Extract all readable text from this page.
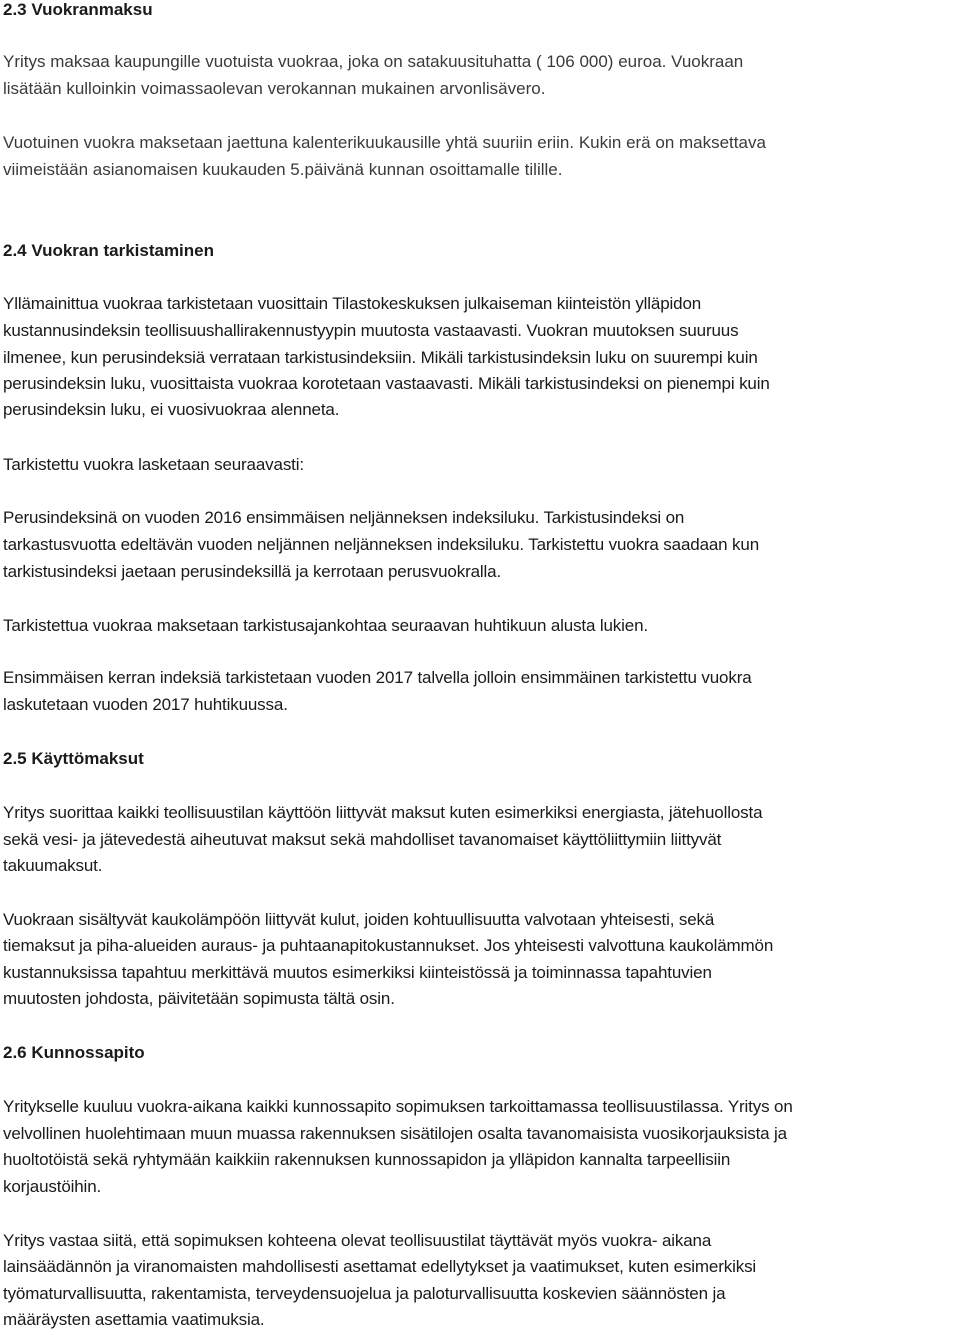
2.3 Vuokranmaksu
Yritys maksaa kaupungille vuotuista vuokraa, joka on satakuusituhatta ( 106 000) euroa. Vuokraan
lisätään kulloinkin voimassaolevan verokannan mukainen arvonlisävero.
Vuotuinen vuokra maksetaan jaettuna kalenterikuukausille yhtä suuriin eriin. Kukin erä on maksettava
viimeistään asianomaisen kuukauden 5.päivänä kunnan osoittamalle tilille.
2.4 Vuokran tarkistaminen
Yllämainittua vuokraa tarkistetaan vuosittain Tilastokeskuksen julkaiseman kiinteistön ylläpidon
kustannusindeksin teollisuushallirakennustyypin muutosta vastaavasti. Vuokran muutoksen suuruus
ilmenee, kun perusindeksiä verrataan tarkistusindeksiin. Mikäli tarkistusindeksin luku on suurempi kuin
perusindeksin luku, vuosittaista vuokraa korotetaan vastaavasti. Mikäli tarkistusindeksi on pienempi kuin
perusindeksin luku, ei vuosivuokraa alenneta.
Tarkistettu vuokra lasketaan seuraavasti:
Perusindeksinä on vuoden 2016 ensimmäisen neljänneksen indeksiluku. Tarkistusindeksi on
tarkastusvuotta edeltävän vuoden neljännen neljänneksen indeksiluku. Tarkistettu vuokra saadaan kun
tarkistusindeksi jaetaan perusindeksillä ja kerrotaan perusvuokralla.
Tarkistettua vuokraa maksetaan tarkistusajankohtaa seuraavan huhtikuun alusta lukien.
Ensimmäisen kerran indeksiä tarkistetaan vuoden 2017 talvella jolloin ensimmäinen tarkistettu vuokra
laskutetaan vuoden 2017 huhtikuussa.
2.5 Käyttömaksut
Yritys suorittaa kaikki teollisuustilan käyttöön liittyvät maksut kuten esimerkiksi energiasta, jätehuollosta
sekä vesi- ja jätevedestä aiheutuvat maksut sekä mahdolliset tavanomaiset käyttöliittymiin liittyvät
takuumaksut.
Vuokraan sisältyvät kaukolämpöön liittyvät kulut, joiden kohtuullisuutta valvotaan yhteisesti, sekä
tiemaksut ja piha-alueiden auraus- ja puhtaanapitokustannukset. Jos yhteisesti valvottuna kaukolämmön
kustannuksissa tapahtuu merkittävä muutos esimerkiksi kiinteistössä ja toiminnassa tapahtuvien
muutosten johdosta, päivitetään sopimusta tältä osin.
2.6 Kunnossapito
Yritykselle kuuluu vuokra-aikana kaikki kunnossapito sopimuksen tarkoittamassa teollisuustilassa. Yritys on
velvollinen huolehtimaan muun muassa rakennuksen sisätilojen osalta tavanomaisista vuosikorjauksista ja
huoltotöistä sekä ryhtymään kaikkiin rakennuksen kunnossapidon ja ylläpidon kannalta tarpeellisiin
korjaustöihin.
Yritys vastaa siitä, että sopimuksen kohteena olevat teollisuustilat täyttävät myös vuokra- aikana
lainsäädännön ja viranomaisten mahdollisesti asettamat edellytykset ja vaatimukset, kuten esimerkiksi
työmaturvallisuutta, rakentamista, terveydensuojelua ja paloturvallisuutta koskevien säännösten ja
määräysten asettamia vaatimuksia.
